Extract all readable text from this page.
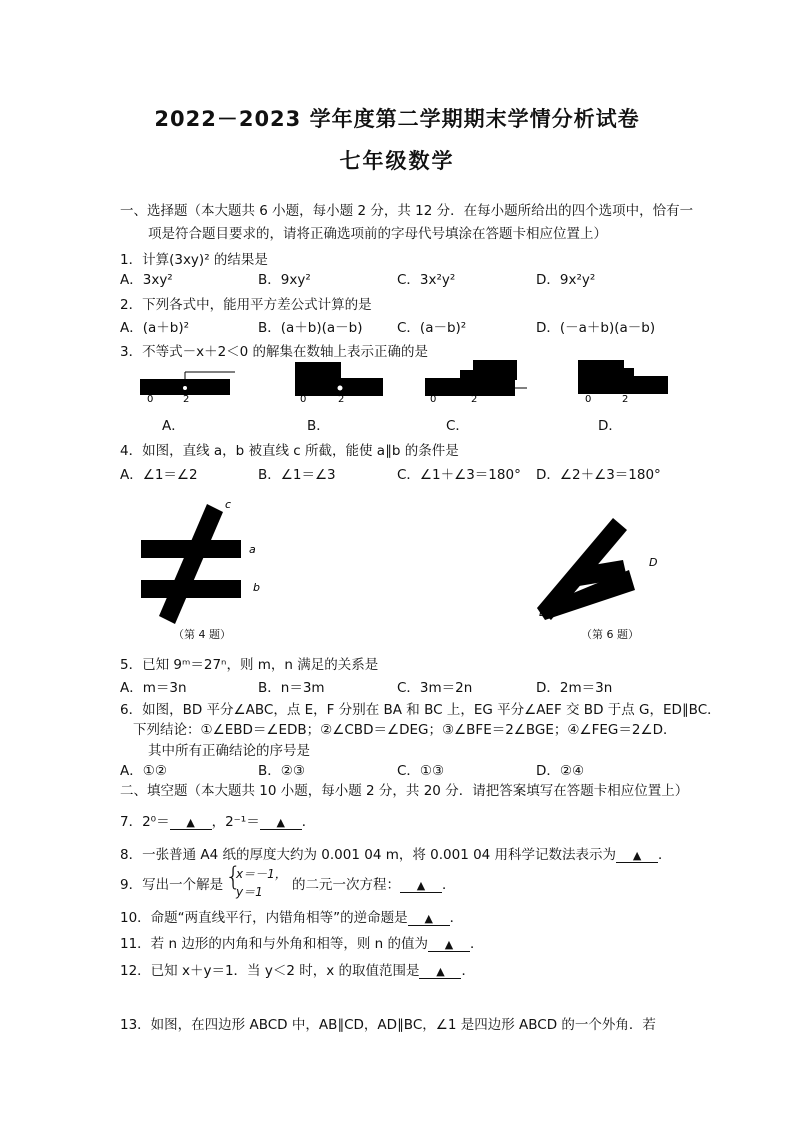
2022－2023 学年度第二学期期末学情分析试卷
七年级数学
一、选择题（本大题共 6 小题，每小题 2 分，共 12 分．在每小题所给出的四个选项中，恰有一
项是符合题目要求的，请将正确选项前的字母代号填涂在答题卡相应位置上）
1．计算(3xy)² 的结果是
A．3xy²	B．9xy²	C．3x²y²	D．9x²y²
2．下列各式中，能用平方差公式计算的是
A．(a＋b)²	B．(a＋b)(a－b)	C．(a－b)²	D．(－a＋b)(a－b)
3．不等式－x＋2＜0 的解集在数轴上表示正确的是
0	2	0	2	0	2	0	2
A．	B．	C．	D．
4．如图，直线 a，b 被直线 c 所截，能使 a∥b 的条件是
A．∠1＝∠2	B．∠1＝∠3	C．∠1＋∠3＝180° D．∠2＋∠3＝180°
c
a
b
（第 4 题）
D
B
（第 6 题）
5．已知 9ᵐ＝27ⁿ，则 m，n 满足的关系是
A．m＝3n	B．n＝3m	C．3m＝2n	D．2m＝3n
6．如图，BD 平分∠ABC，点 E，F 分别在 BA 和 BC 上，EG 平分∠AEF 交 BD 于点 G，ED∥BC．
下列结论：①∠EBD＝∠EDB；②∠CBD＝∠DEG；③∠BFE＝2∠BGE；④∠FEG＝2∠D．
其中所有正确结论的序号是
A．①②	B．②③	C．①③	D．②④
二、填空题（本大题共 10 小题，每小题 2 分，共 20 分．请把答案填写在答题卡相应位置上）
7．2⁰＝ ▲ ，2⁻¹＝ ▲ ．
8．一张普通 A4 纸的厚度大约为 0.001 04 m，将 0.001 04 用科学记数法表示为 ▲ ．
9．写出一个解是 {
x＝－1，
y＝1 的二元一次方程： ▲ ．
10．命题“两直线平行，内错角相等”的逆命题是 ▲ ．
11．若 n 边形的内角和与外角和相等，则 n 的值为 ▲ ．
12．已知 x＋y＝1．当 y＜2 时，x 的取值范围是 ▲ ．
13．如图，在四边形 ABCD 中，AB∥CD，AD∥BC，∠1 是四边形 ABCD 的一个外角．若
